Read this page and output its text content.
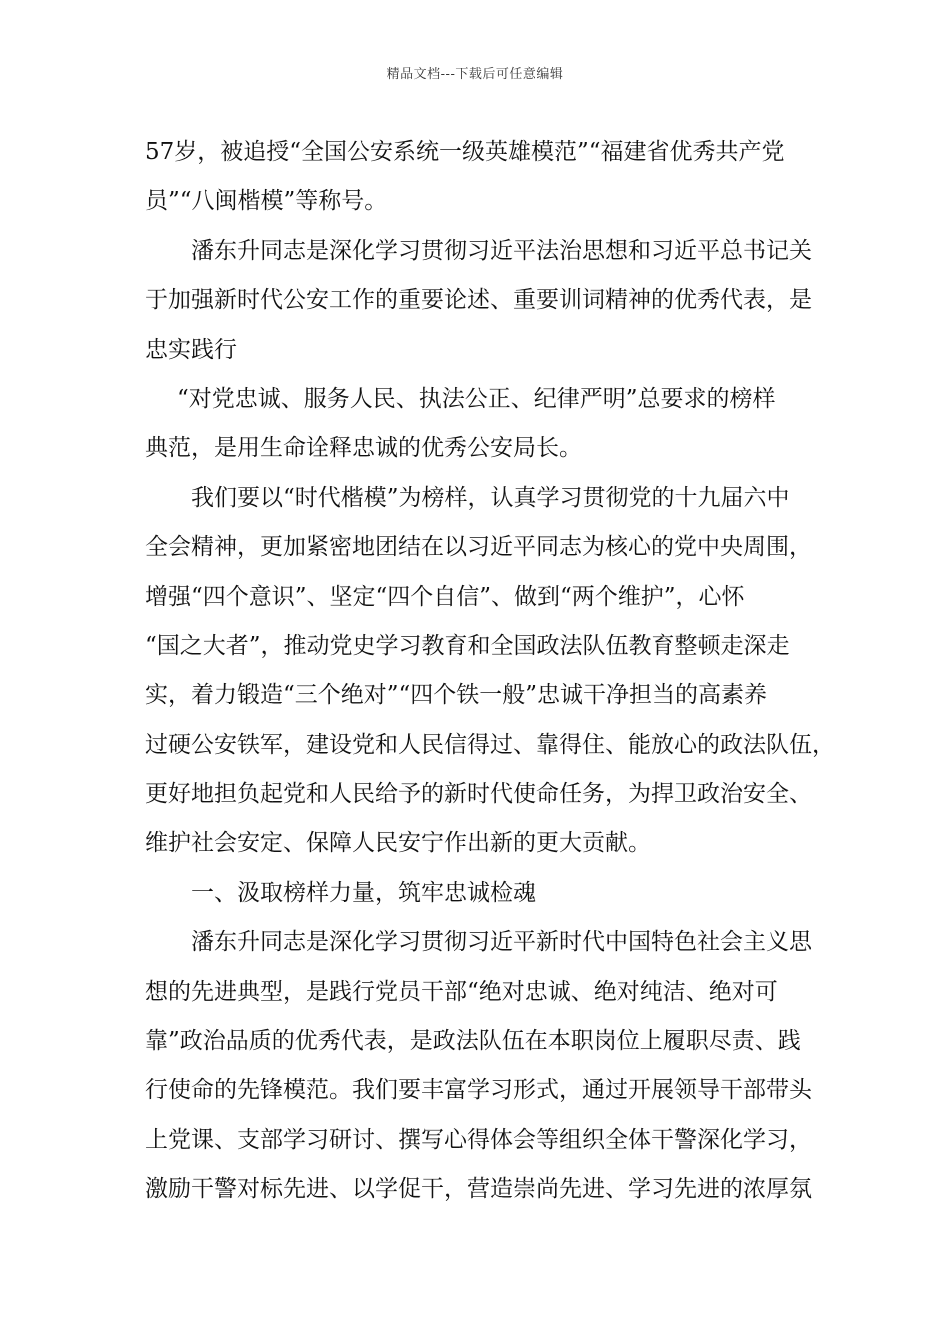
精品文档---下载后可任意编辑
57岁，被追授“全国公安系统一级英雄模范”“福建省优秀共产党
员”“八闽楷模”等称号。
潘东升同志是深化学习贯彻习近平法治思想和习近平总书记关
于加强新时代公安工作的重要论述、重要训词精神的优秀代表，是
忠实践行
“对党忠诚、服务人民、执法公正、纪律严明”总要求的榜样
典范，是用生命诠释忠诚的优秀公安局长。
我们要以“时代楷模”为榜样，认真学习贯彻党的十九届六中
全会精神，更加紧密地团结在以习近平同志为核心的党中央周围，
增强“四个意识”、坚定“四个自信”、做到“两个维护”，心怀
“国之大者”，推动党史学习教育和全国政法队伍教育整顿走深走
实，着力锻造“三个绝对”“四个铁一般”忠诚干净担当的高素养
过硬公安铁军，建设党和人民信得过、靠得住、能放心的政法队伍，
更好地担负起党和人民给予的新时代使命任务，为捍卫政治安全、
维护社会安定、保障人民安宁作出新的更大贡献。
一、汲取榜样力量，筑牢忠诚检魂
潘东升同志是深化学习贯彻习近平新时代中国特色社会主义思
想的先进典型，是践行党员干部“绝对忠诚、绝对纯洁、绝对可
靠”政治品质的优秀代表，是政法队伍在本职岗位上履职尽责、践
行使命的先锋模范。我们要丰富学习形式，通过开展领导干部带头
上党课、支部学习研讨、撰写心得体会等组织全体干警深化学习，
激励干警对标先进、以学促干，营造崇尚先进、学习先进的浓厚氛
